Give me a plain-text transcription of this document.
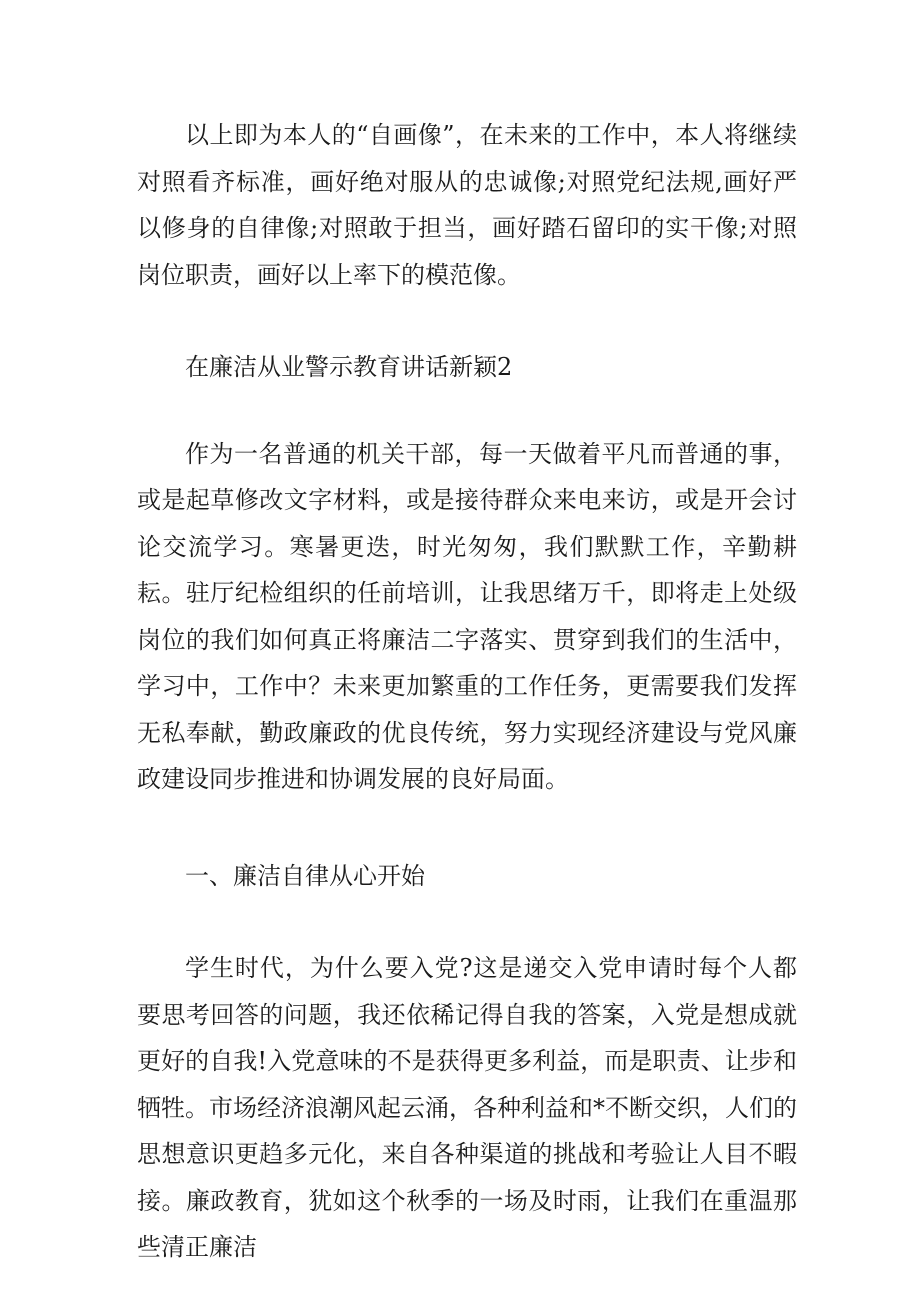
以上即为本人的“自画像”，在未来的工作中，本人将继续对照看齐标准，画好绝对服从的忠诚像;对照党纪法规,画好严以修身的自律像;对照敢于担当，画好踏石留印的实干像;对照岗位职责，画好以上率下的模范像。

在廉洁从业警示教育讲话新颖2

作为一名普通的机关干部，每一天做着平凡而普通的事，或是起草修改文字材料，或是接待群众来电来访，或是开会讨论交流学习。寒暑更迭，时光匆匆，我们默默工作，辛勤耕耘。驻厅纪检组织的任前培训，让我思绪万千，即将走上处级岗位的我们如何真正将廉洁二字落实、贯穿到我们的生活中，学习中，工作中？未来更加繁重的工作任务，更需要我们发挥无私奉献，勤政廉政的优良传统，努力实现经济建设与党风廉政建设同步推进和协调发展的良好局面。

一、廉洁自律从心开始

学生时代，为什么要入党?这是递交入党申请时每个人都要思考回答的问题，我还依稀记得自我的答案，入党是想成就更好的自我!入党意味的不是获得更多利益，而是职责、让步和牺牲。市场经济浪潮风起云涌，各种利益和*不断交织，人们的思想意识更趋多元化，来自各种渠道的挑战和考验让人目不暇接。廉政教育，犹如这个秋季的一场及时雨，让我们在重温那些清正廉洁
